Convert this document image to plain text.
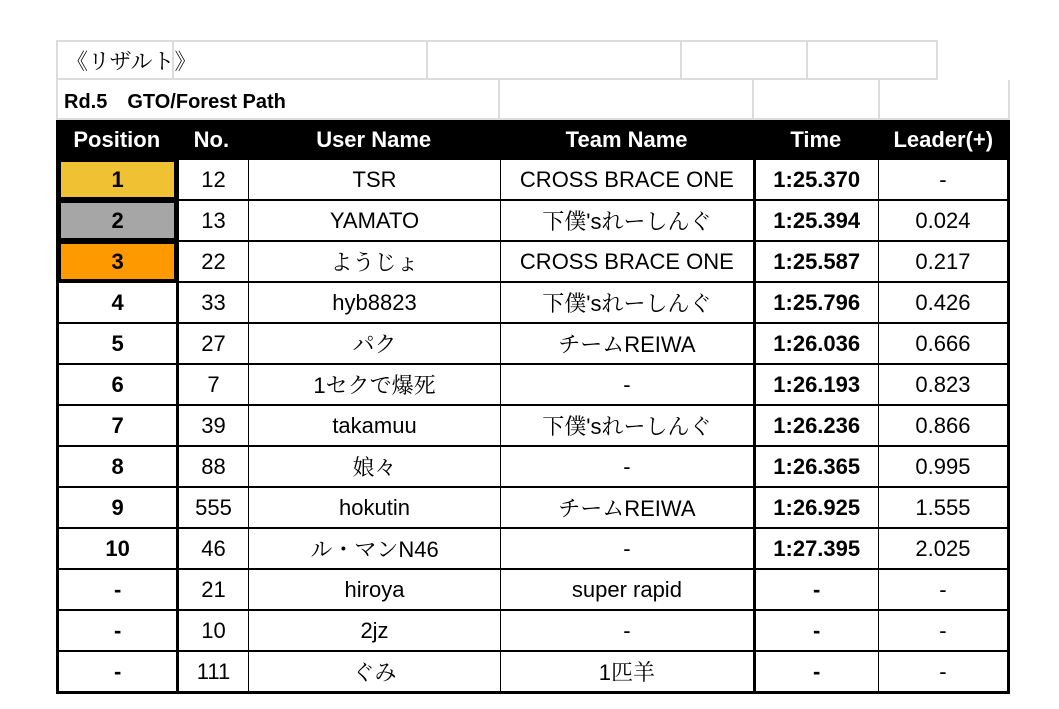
《リザルト》
Rd.5　GTO/Forest Path
Position	No.	User Name	Team Name	Time	Leader(+)
1	12	TSR	CROSS BRACE ONE	1:25.370	-
2	13	YAMATO	下僕'sれーしんぐ	1:25.394	0.024
3	22	ようじょ	CROSS BRACE ONE	1:25.587	0.217
4	33	hyb8823	下僕'sれーしんぐ	1:25.796	0.426
5	27	パク	チームREIWA	1:26.036	0.666
6	7	1セクで爆死	-	1:26.193	0.823
7	39	takamuu	下僕'sれーしんぐ	1:26.236	0.866
8	88	娘々	-	1:26.365	0.995
9	555	hokutin	チームREIWA	1:26.925	1.555
10	46	ル・マンN46	-	1:27.395	2.025
-	21	hiroya	super rapid	-	-
-	10	2jz	-	-	-
-	111	ぐみ	1匹羊	-	-
